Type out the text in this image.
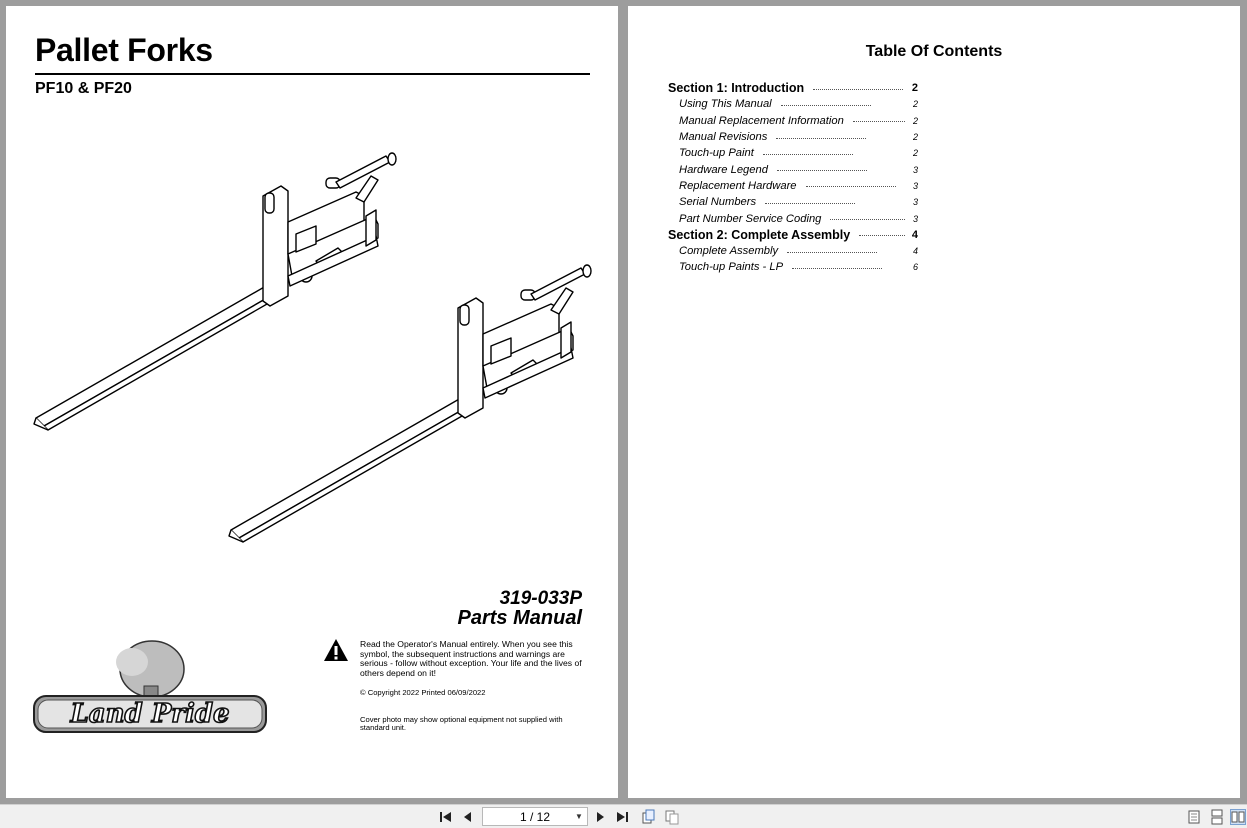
Pallet Forks
PF10 & PF20
319-033P
Parts Manual
Read the Operator's Manual entirely. When you see this symbol, the subsequent instructions and warnings are serious - follow without exception. Your life and the lives of others depend on it!
© Copyright 2022 Printed 06/09/2022
Cover photo may show optional equipment not supplied with standard unit.
Land Pride
Table Of Contents
Section 1: Introduction	2
Using This Manual	2
Manual Replacement Information	2
Manual Revisions	2
Touch-up Paint	2
Hardware Legend	3
Replacement Hardware	3
Serial Numbers	3
Part Number Service Coding	3
Section 2: Complete Assembly	4
Complete Assembly	4
Touch-up Paints - LP	6
1 / 12	▼
